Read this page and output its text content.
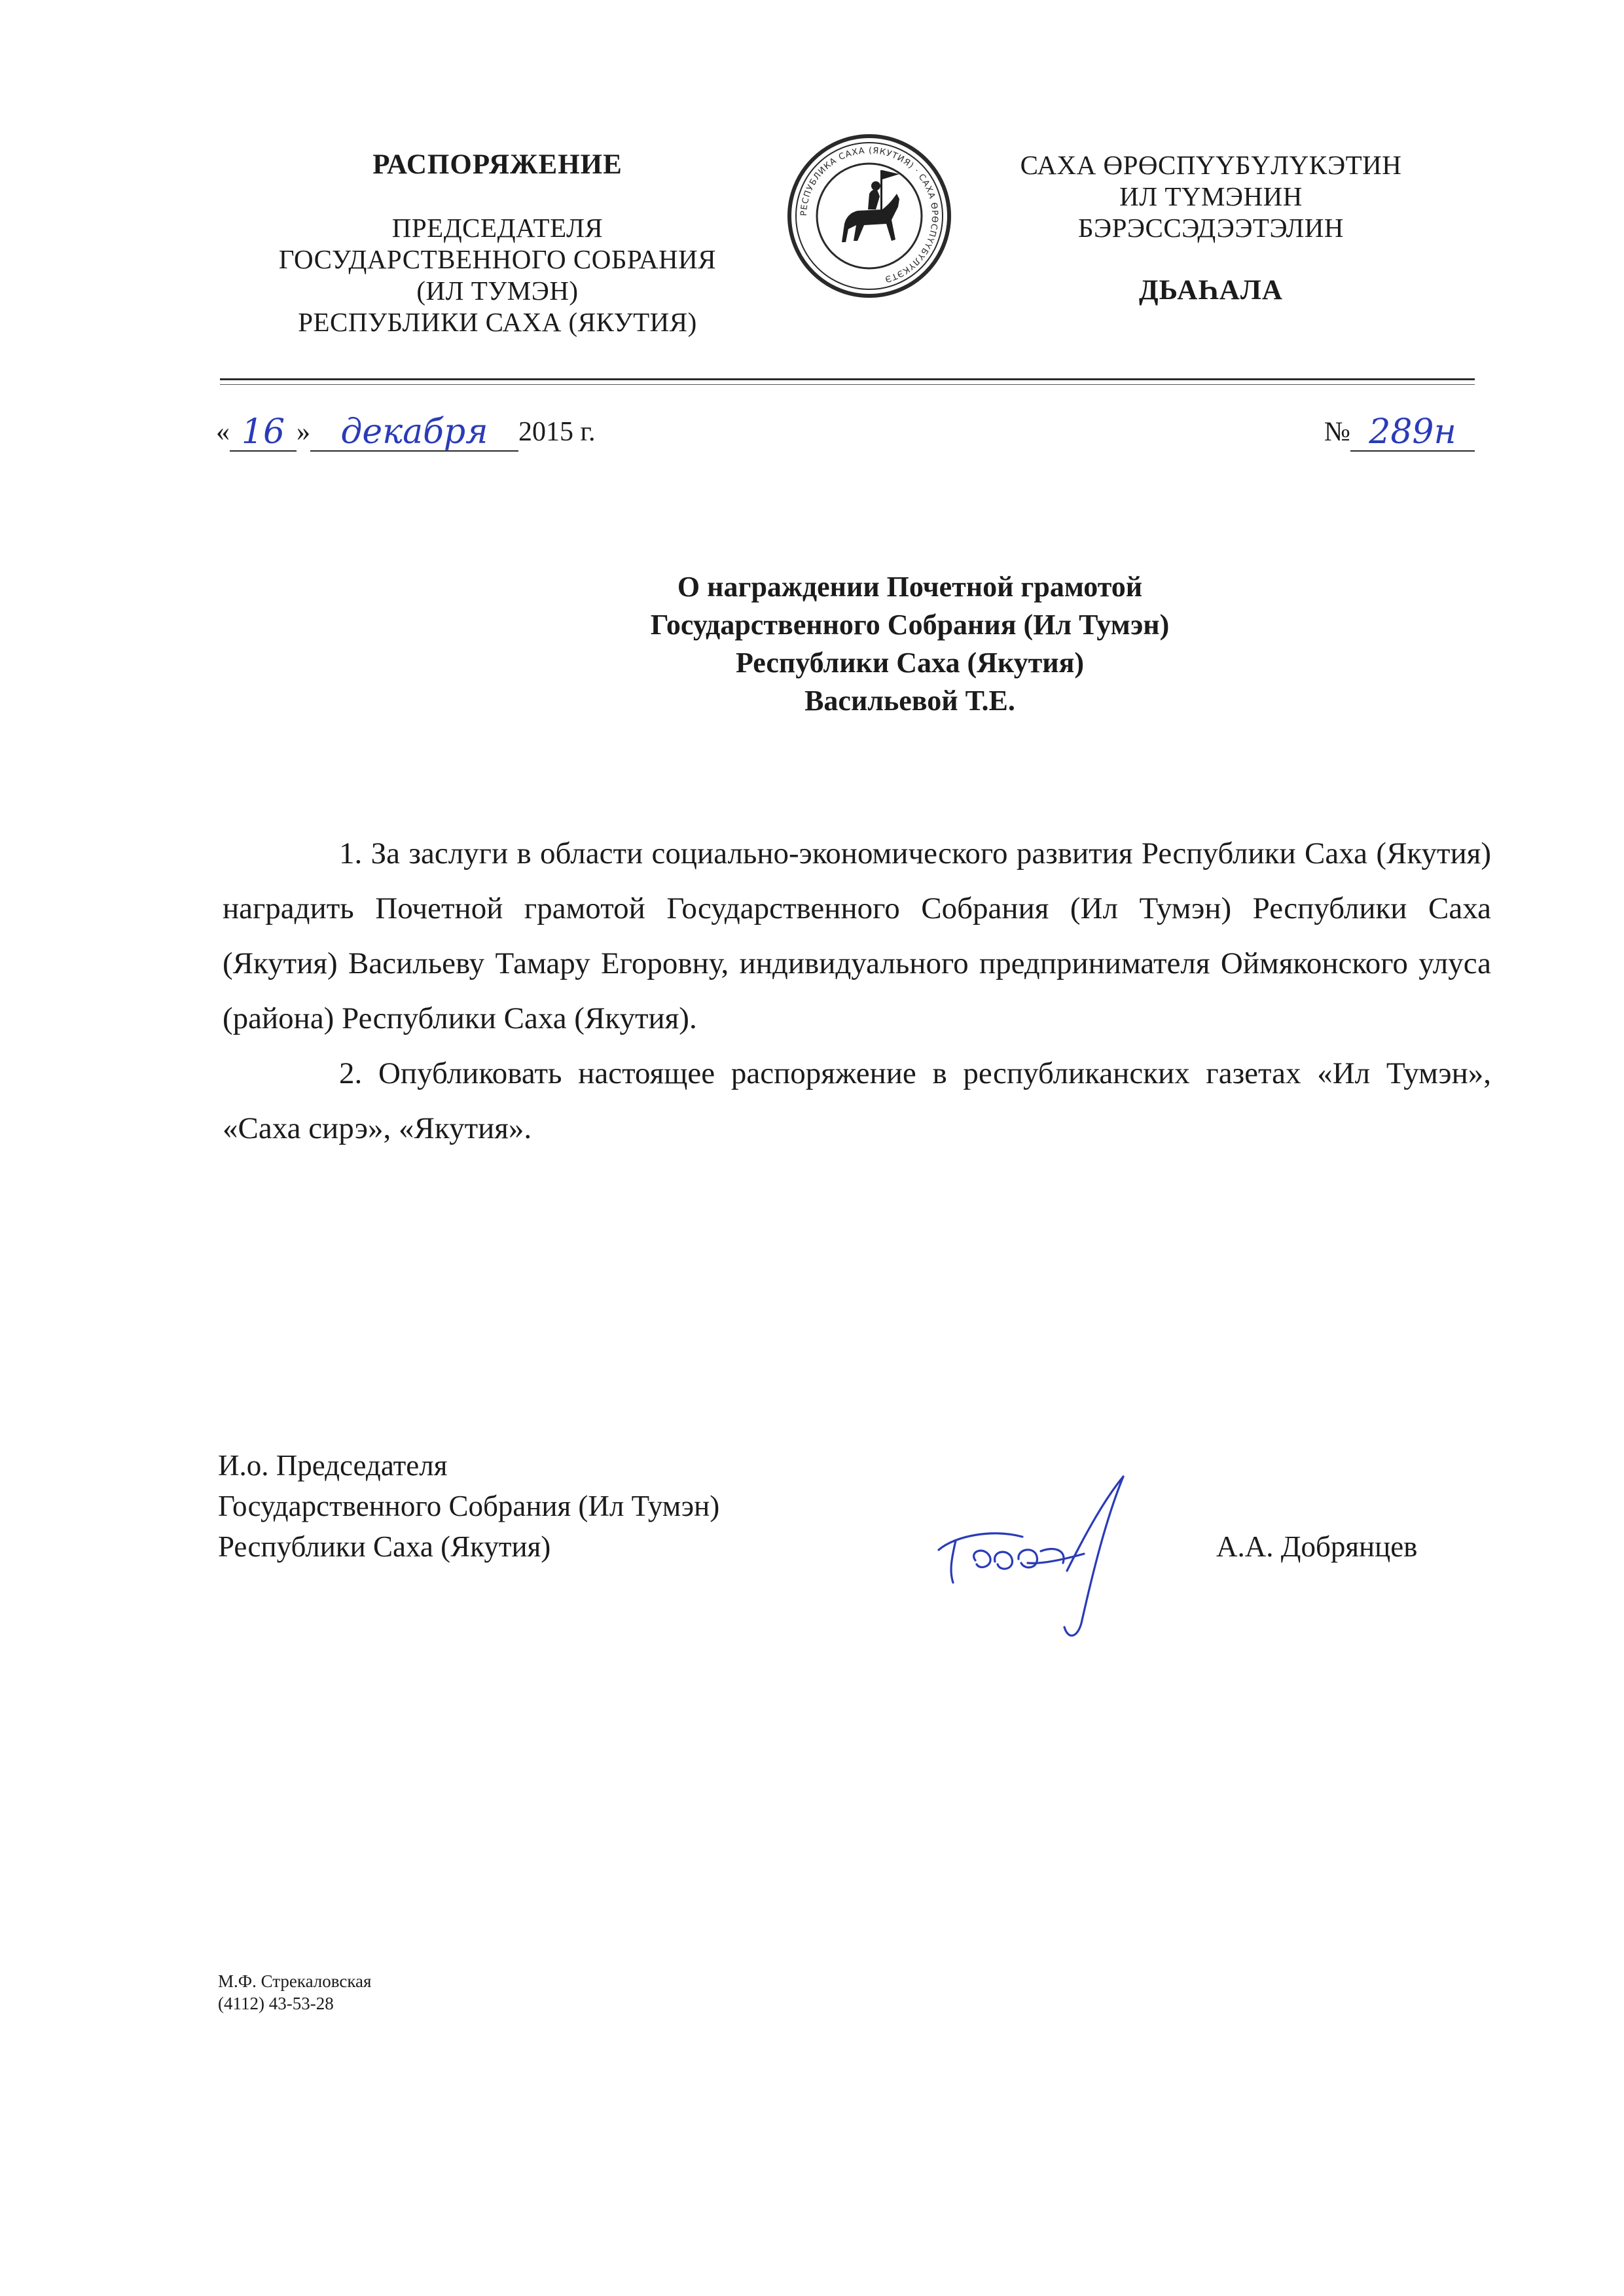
РАСПОРЯЖЕНИЕ
ПРЕДСЕДАТЕЛЯ
ГОСУДАРСТВЕННОГО СОБРАНИЯ
(ИЛ ТУМЭН)
РЕСПУБЛИКИ САХА (ЯКУТИЯ)
РЕСПУБЛИКА САХА (ЯКУТИЯ) · САХА ӨРӨСПҮҮБҮЛҮКЭТЭ
САХА ӨРӨСПҮҮБҮЛҮКЭТИН
ИЛ ТҮМЭНИН
БЭРЭССЭДЭЭТЭЛИН
ДЬАҺАЛА
« 16 » декабря	2015 г.	№ 289н
О награждении Почетной грамотой
Государственного Собрания (Ил Тумэн)
Республики Саха (Якутия)
Васильевой Т.Е.

1. За заслуги в области социально-экономического развития Республики Саха (Якутия) наградить Почетной грамотой Государственного Собрания (Ил Тумэн) Республики Саха (Якутия) Васильеву Тамару Егоровну, индивидуального предпринимателя Оймяконского улуса (района) Республики Саха (Якутия).

2. Опубликовать настоящее распоряжение в республиканских газетах «Ил Тумэн», «Саха сирэ», «Якутия».

И.о. Председателя
Государственного Собрания (Ил Тумэн)
Республики Саха (Якутия)	А.А. Добрянцев
М.Ф. Стрекаловская
(4112) 43-53-28
